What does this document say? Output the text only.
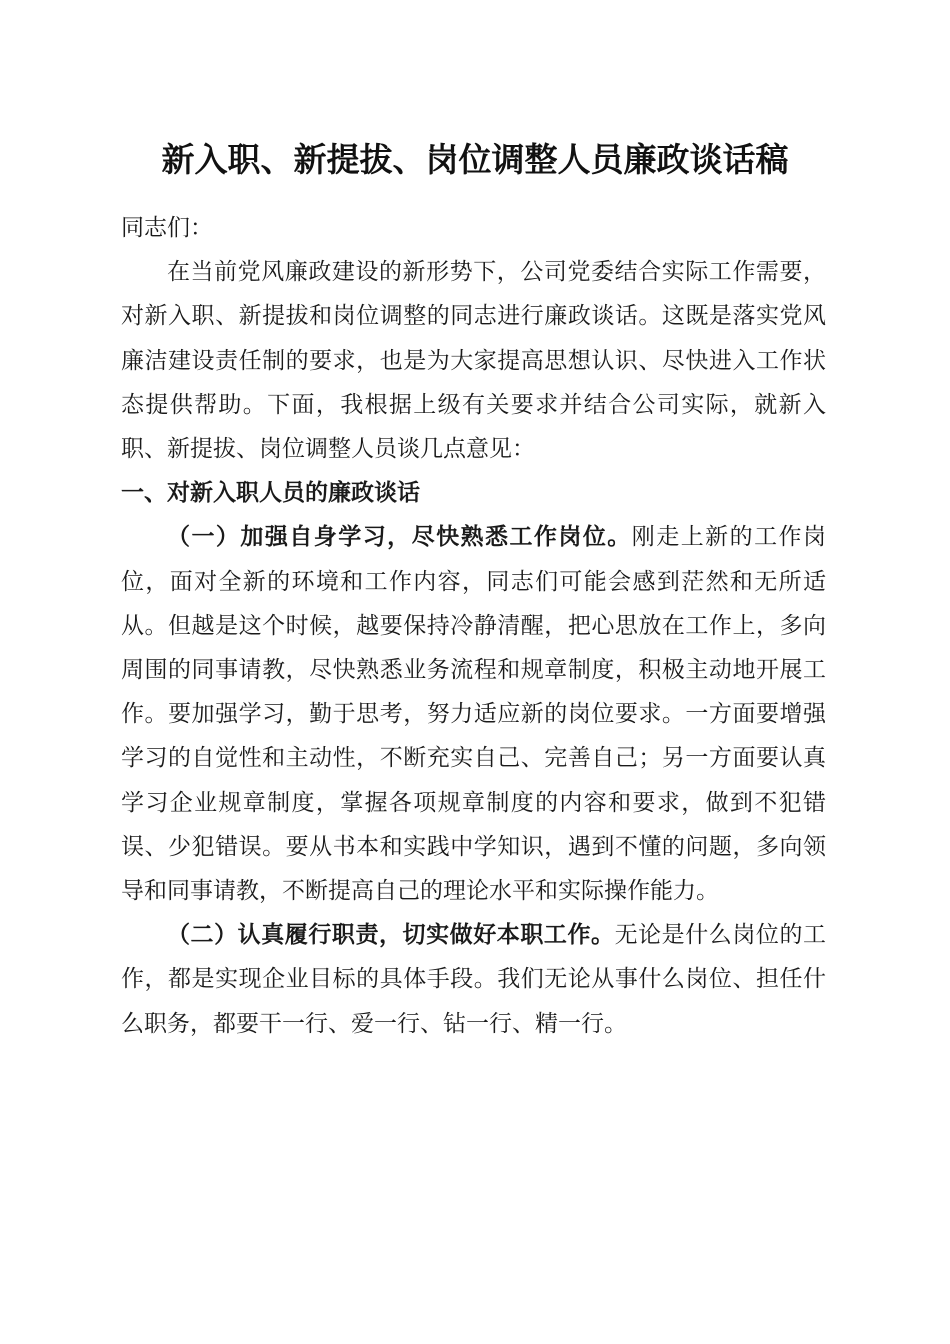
新入职、新提拔、岗位调整人员廉政谈话稿

同志们：

在当前党风廉政建设的新形势下，公司党委结合实际工作需要，对新入职、新提拔和岗位调整的同志进行廉政谈话。这既是落实党风廉洁建设责任制的要求，也是为大家提高思想认识、尽快进入工作状态提供帮助。下面，我根据上级有关要求并结合公司实际，就新入职、新提拔、岗位调整人员谈几点意见：

一、对新入职人员的廉政谈话

（一）加强自身学习，尽快熟悉工作岗位。刚走上新的工作岗位，面对全新的环境和工作内容，同志们可能会感到茫然和无所适从。但越是这个时候，越要保持冷静清醒，把心思放在工作上，多向周围的同事请教，尽快熟悉业务流程和规章制度，积极主动地开展工作。要加强学习，勤于思考，努力适应新的岗位要求。一方面要增强学习的自觉性和主动性，不断充实自己、完善自己；另一方面要认真学习企业规章制度，掌握各项规章制度的内容和要求，做到不犯错误、少犯错误。要从书本和实践中学知识，遇到不懂的问题，多向领导和同事请教，不断提高自己的理论水平和实际操作能力。

（二）认真履行职责，切实做好本职工作。无论是什么岗位的工作，都是实现企业目标的具体手段。我们无论从事什么岗位、担任什么职务，都要干一行、爱一行、钻一行、精一行。
